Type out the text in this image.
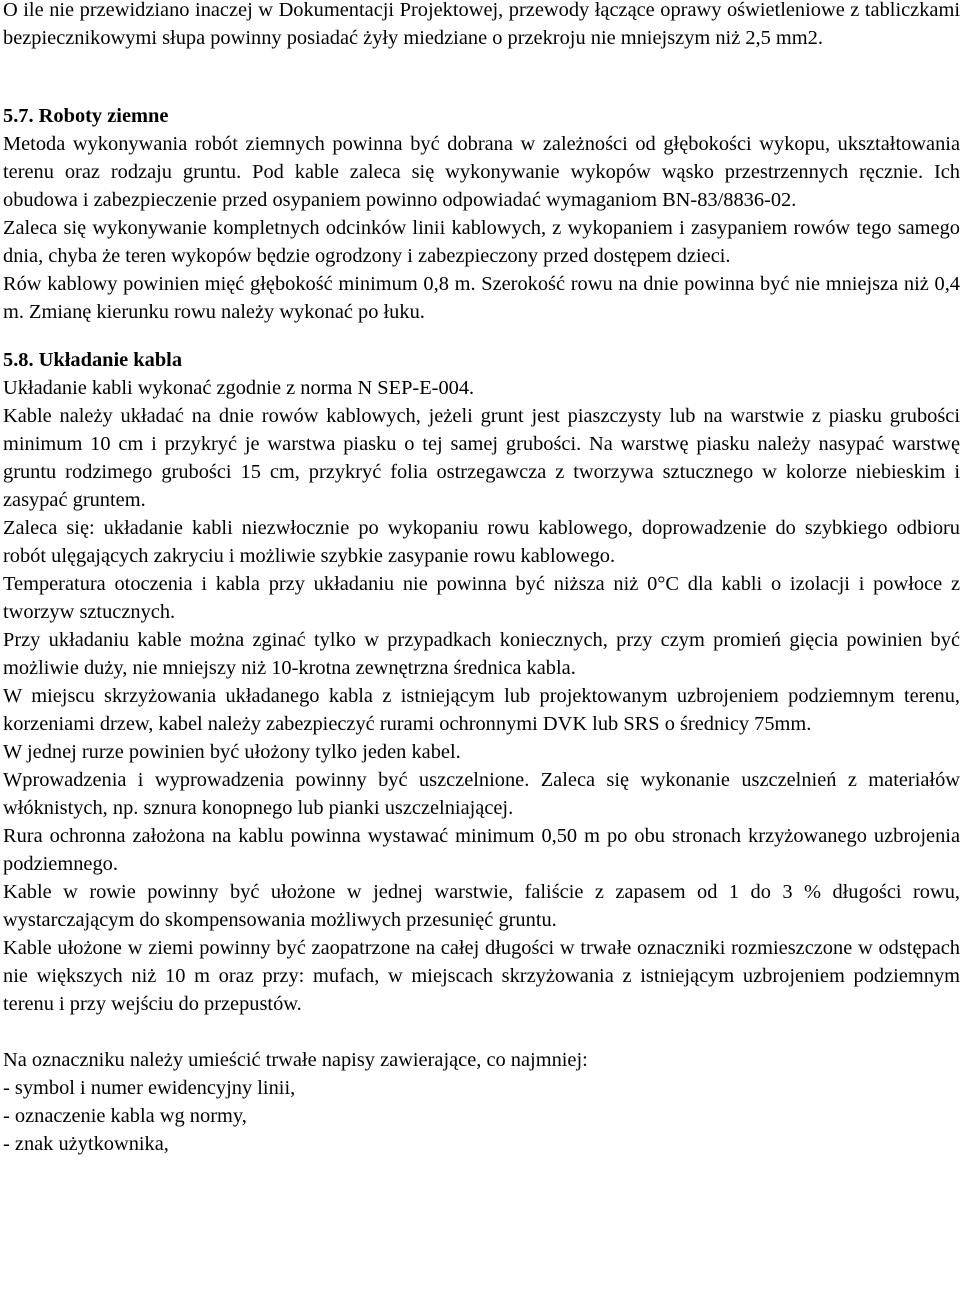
O ile nie przewidziano inaczej w Dokumentacji Projektowej, przewody łączące oprawy oświetleniowe z tabliczkami bezpiecznikowymi słupa powinny posiadać żyły miedziane o przekroju nie mniejszym niż 2,5 mm2.

5.7. Roboty ziemne

Metoda wykonywania robót ziemnych powinna być dobrana w zależności od głębokości wykopu, ukształtowania terenu oraz rodzaju gruntu. Pod kable zaleca się wykonywanie wykopów wąsko przestrzennych ręcznie. Ich obudowa i zabezpieczenie przed osypaniem powinno odpowiadać wymaganiom BN-83/8836-02.

Zaleca się wykonywanie kompletnych odcinków linii kablowych, z wykopaniem i zasypaniem rowów tego samego dnia, chyba że teren wykopów będzie ogrodzony i zabezpieczony przed dostępem dzieci.

Rów kablowy powinien mięć głębokość minimum 0,8 m. Szerokość rowu na dnie powinna być nie mniejsza niż 0,4 m. Zmianę kierunku rowu należy wykonać po łuku.

5.8. Układanie kabla

Układanie kabli wykonać zgodnie z norma N SEP-E-004.

Kable należy układać na dnie rowów kablowych, jeżeli grunt jest piaszczysty lub na warstwie z piasku grubości minimum 10 cm i przykryć je warstwa piasku o tej samej grubości. Na warstwę piasku należy nasypać warstwę gruntu rodzimego grubości 15 cm, przykryć folia ostrzegawcza z tworzywa sztucznego w kolorze niebieskim i zasypać gruntem.

Zaleca się: układanie kabli niezwłocznie po wykopaniu rowu kablowego, doprowadzenie do szybkiego odbioru robót ulęgających zakryciu i możliwie szybkie zasypanie rowu kablowego.

Temperatura otoczenia i kabla przy układaniu nie powinna być niższa niż 0°C dla kabli o izolacji i powłoce z tworzyw sztucznych.

Przy układaniu kable można zginać tylko w przypadkach koniecznych, przy czym promień gięcia powinien być możliwie duży, nie mniejszy niż 10-krotna zewnętrzna średnica kabla.

W miejscu skrzyżowania układanego kabla z istniejącym lub projektowanym uzbrojeniem podziemnym terenu, korzeniami drzew, kabel należy zabezpieczyć rurami ochronnymi DVK lub SRS o średnicy 75mm.

W jednej rurze powinien być ułożony tylko jeden kabel.

Wprowadzenia i wyprowadzenia powinny być uszczelnione. Zaleca się wykonanie uszczelnień z materiałów włóknistych, np. sznura konopnego lub pianki uszczelniającej.

Rura ochronna założona na kablu powinna wystawać minimum 0,50 m po obu stronach krzyżowanego uzbrojenia podziemnego.

Kable w rowie powinny być ułożone w jednej warstwie, faliście z zapasem od 1 do 3 % długości rowu, wystarczającym do skompensowania możliwych przesunięć gruntu.

Kable ułożone w ziemi powinny być zaopatrzone na całej długości w trwałe oznaczniki rozmieszczone w odstępach nie większych niż 10 m oraz przy: mufach, w miejscach skrzyżowania z istniejącym uzbrojeniem podziemnym terenu i przy wejściu do przepustów.

Na oznaczniku należy umieścić trwałe napisy zawierające, co najmniej:

- symbol i numer ewidencyjny linii,

- oznaczenie kabla wg normy,

- znak użytkownika,
